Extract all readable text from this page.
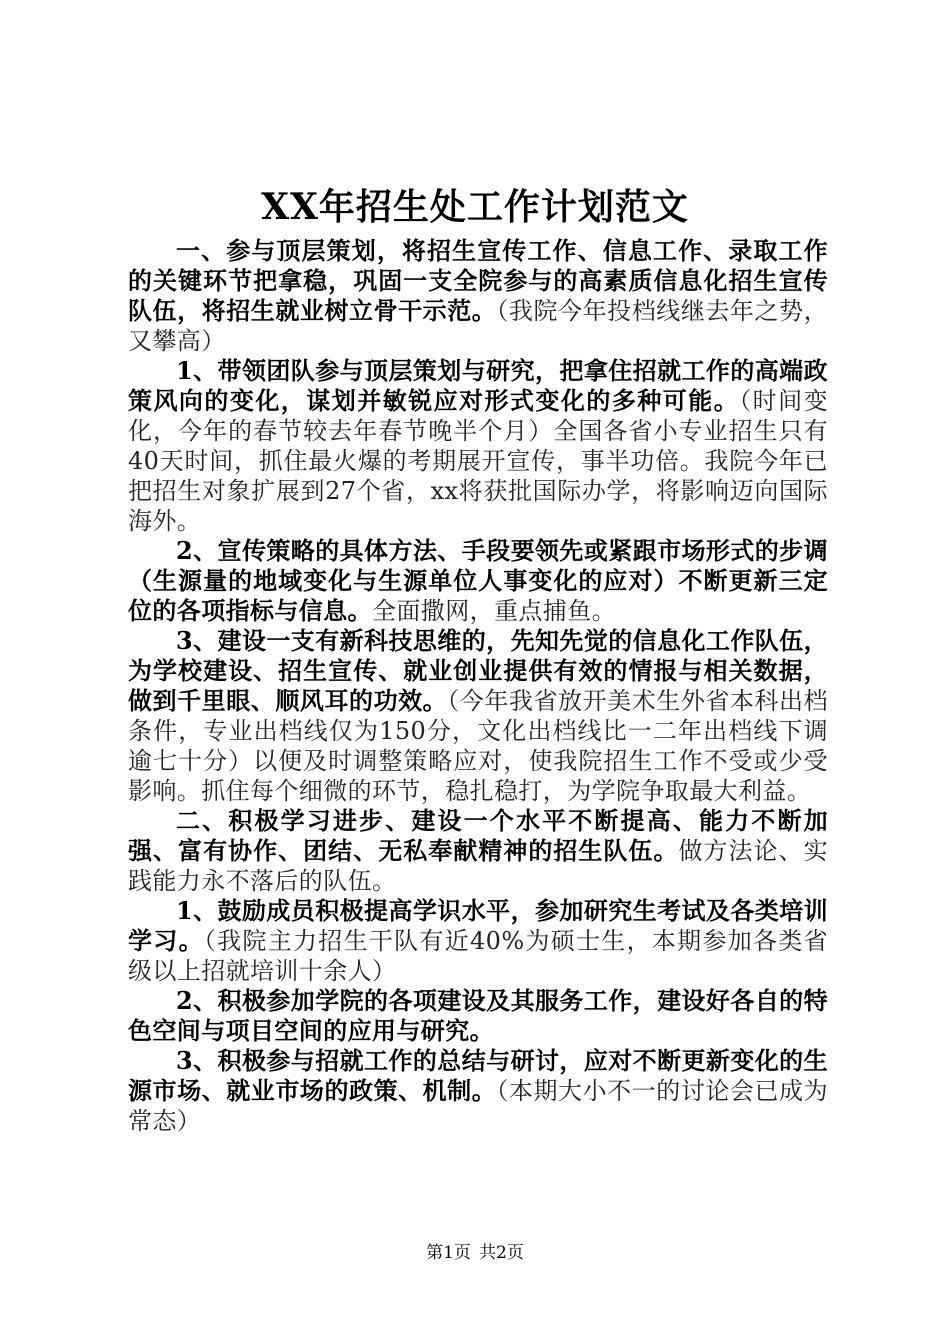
XX年招生处工作计划范文

一、参与顶层策划，将招生宣传工作、信息工作、录取工作的关键环节把拿稳，巩固一支全院参与的高素质信息化招生宣传队伍，将招生就业树立骨干示范。（我院今年投档线继去年之势，又攀高）

1、带领团队参与顶层策划与研究，把拿住招就工作的高端政策风向的变化，谋划并敏锐应对形式变化的多种可能。（时间变化，今年的春节较去年春节晚半个月）全国各省小专业招生只有40天时间，抓住最火爆的考期展开宣传，事半功倍。我院今年已把招生对象扩展到27个省，xx将获批国际办学，将影响迈向国际海外。

2、宣传策略的具体方法、手段要领先或紧跟市场形式的步调（生源量的地域变化与生源单位人事变化的应对）不断更新三定位的各项指标与信息。全面撒网，重点捕鱼。

3、建设一支有新科技思维的，先知先觉的信息化工作队伍，为学校建设、招生宣传、就业创业提供有效的情报与相关数据，做到千里眼、顺风耳的功效。（今年我省放开美术生外省本科出档条件，专业出档线仅为150分，文化出档线比一二年出档线下调逾七十分）以便及时调整策略应对，使我院招生工作不受或少受影响。抓住每个细微的环节，稳扎稳打，为学院争取最大利益。

二、积极学习进步、建设一个水平不断提高、能力不断加强、富有协作、团结、无私奉献精神的招生队伍。做方法论、实践能力永不落后的队伍。

1、鼓励成员积极提高学识水平，参加研究生考试及各类培训学习。（我院主力招生干队有近40%为硕士生，本期参加各类省级以上招就培训十余人）

2、积极参加学院的各项建设及其服务工作，建设好各自的特色空间与项目空间的应用与研究。

3、积极参与招就工作的总结与研讨，应对不断更新变化的生源市场、就业市场的政策、机制。（本期大小不一的讨论会已成为常态）

第1页 共2页
